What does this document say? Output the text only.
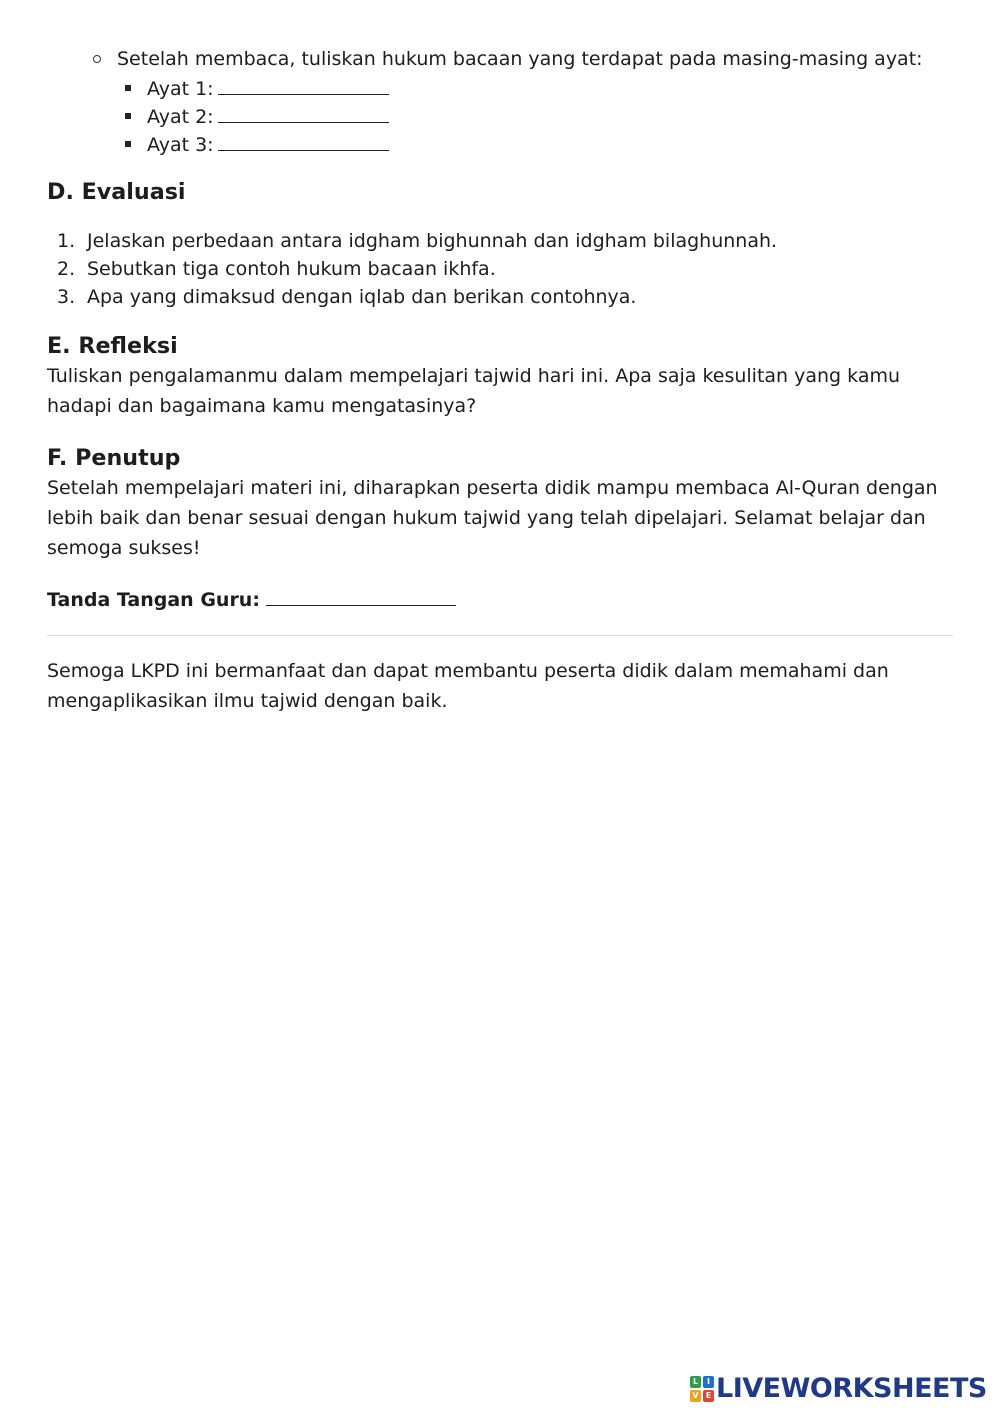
Setelah membaca, tuliskan hukum bacaan yang terdapat pada masing-masing ayat:
Ayat 1:
Ayat 2:
Ayat 3:
D. Evaluasi
1. Jelaskan perbedaan antara idgham bighunnah dan idgham bilaghunnah.
2. Sebutkan tiga contoh hukum bacaan ikhfa.
3. Apa yang dimaksud dengan iqlab dan berikan contohnya.
E. Refleksi

Tuliskan pengalamanmu dalam mempelajari tajwid hari ini. Apa saja kesulitan yang kamu hadapi dan bagaimana kamu mengatasinya?

F. Penutup

Setelah mempelajari materi ini, diharapkan peserta didik mampu membaca Al-Quran dengan lebih baik dan benar sesuai dengan hukum tajwid yang telah dipelajari. Selamat belajar dan semoga sukses!

Tanda Tangan Guru:

Semoga LKPD ini bermanfaat dan dapat membantu peserta didik dalam memahami dan mengaplikasikan ilmu tajwid dengan baik.

L	I
V E LIVEWORKSHEETS
